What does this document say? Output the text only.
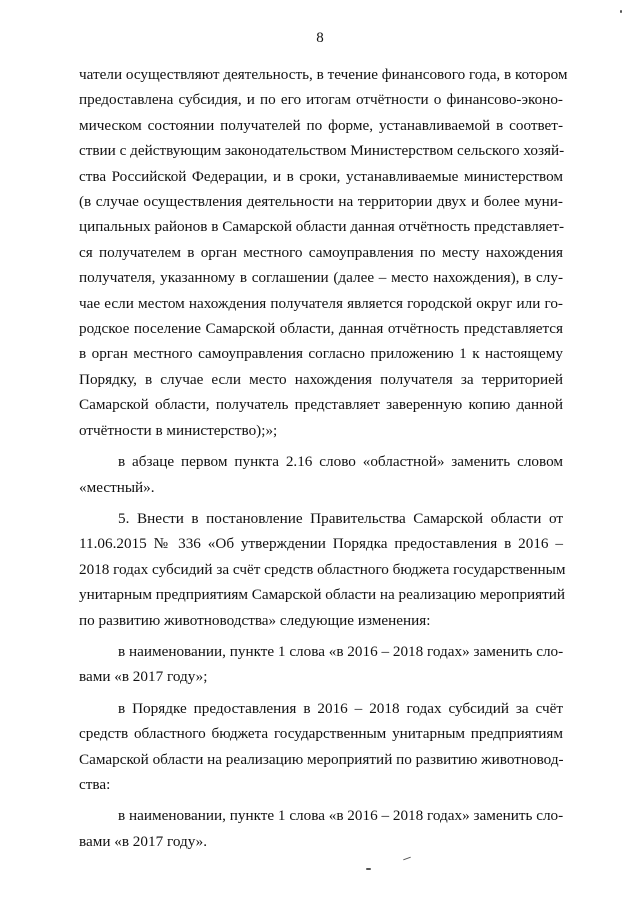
8
чатели осуществляют деятельность, в течение финансового года, в котором
предоставлена субсидия, и по его итогам отчётности о финансово-эконо-
мическом состоянии получателей по форме, устанавливаемой в соответ-
ствии с действующим законодательством Министерством сельского хозяй-
ства Российской Федерации, и в сроки, устанавливаемые министерством
(в случае осуществления деятельности на территории двух и более муни-
ципальных районов в Самарской области данная отчётность представляет-
ся получателем в орган местного самоуправления по месту нахождения
получателя, указанному в соглашении (далее – место нахождения), в слу-
чае если местом нахождения получателя является городской округ или го-
родское поселение Самарской области, данная отчётность представляется
в орган местного самоуправления согласно приложению 1 к настоящему
Порядку, в случае если место нахождения получателя за территорией
Самарской области, получатель представляет заверенную копию данной
отчётности в министерство);»;
в абзаце первом пункта 2.16 слово «областной» заменить словом
«местный».
5. Внести в постановление Правительства Самарской области от
11.06.2015 № 336 «Об утверждении Порядка предоставления в 2016 –
2018 годах субсидий за счёт средств областного бюджета государственным
унитарным предприятиям Самарской области на реализацию мероприятий
по развитию животноводства» следующие изменения:
в наименовании, пункте 1 слова «в 2016 – 2018 годах» заменить сло-
вами «в 2017 году»;
в Порядке предоставления в 2016 – 2018 годах субсидий за счёт
средств областного бюджета государственным унитарным предприятиям
Самарской области на реализацию мероприятий по развитию животновод-
ства:
в наименовании, пункте 1 слова «в 2016 – 2018 годах» заменить сло-
вами «в 2017 году».
